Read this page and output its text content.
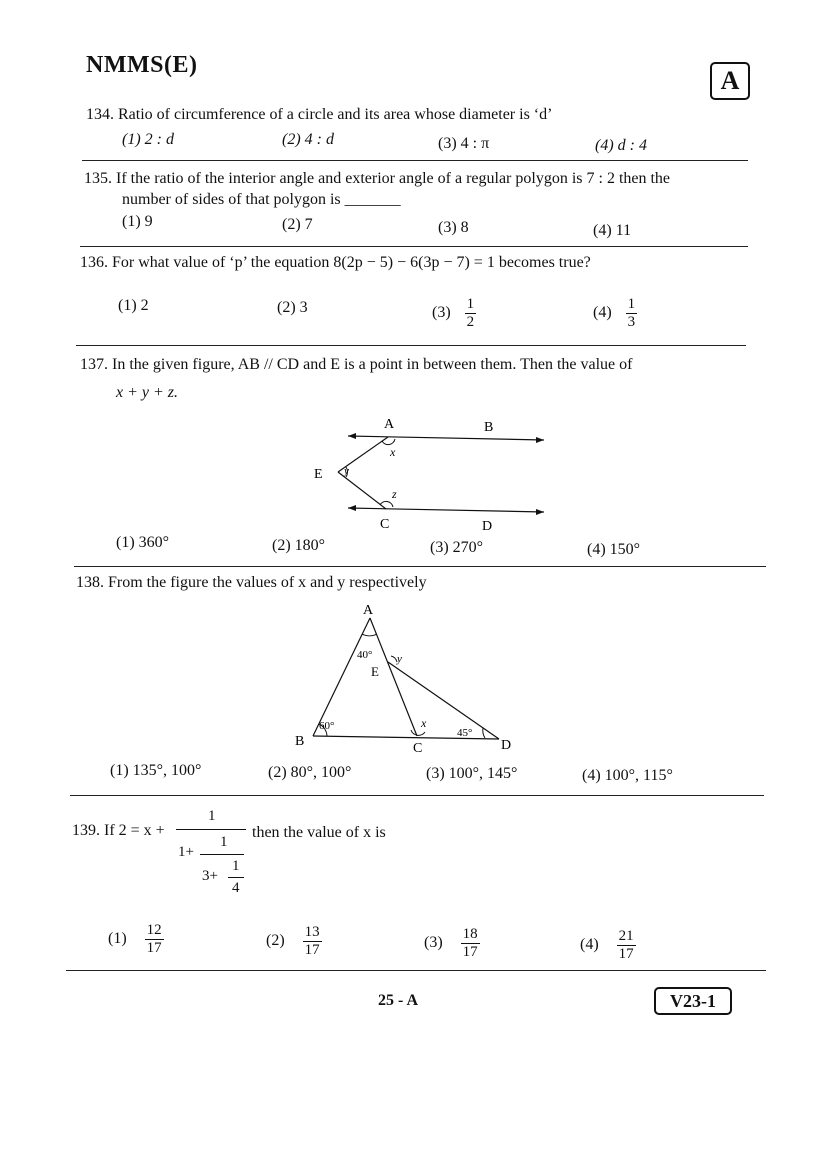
NMMS(E)
A
134. Ratio of circumference of a circle and its area whose diameter is ‘d’
(1) 2 : d	(2) 4 : d	(3) 4 : π	(4) d : 4
135. If the ratio of the interior angle and exterior angle of a regular polygon is 7 : 2 then the
number of sides of that polygon is _______
(1) 9	(2) 7	(3) 8	(4) 11
136. For what value of ‘p’ the equation 8(2p − 5) − 6(3p − 7) = 1 becomes true?
(1) 2	(2) 3	$(3) \frac{1}{2}$	$(4) \frac{1}{3}$
137. In the given figure, AB // CD and E is a point in between them. Then the value of
x + y + z.
A	B
C	D
E
x
y
z
(1) 360°	(2) 180°	(3) 270°	(4) 150°
138. From the figure the values of x and y respectively
A
B	C	D
E
40°
60°
45°
x
y
(1) 135°, 100°	(2) 80°, 100°	(3) 100°, 145°	(4) 100°, 115°
139. If 2 = x +	then the value of x is
1
1+
1
3+
1
4
$(1) \frac{12}{17}$	$(2) \frac{13}{17}$	$(3) \frac{18}{17}$	$(4) \frac{21}{17}$
25 - A	V23-1
